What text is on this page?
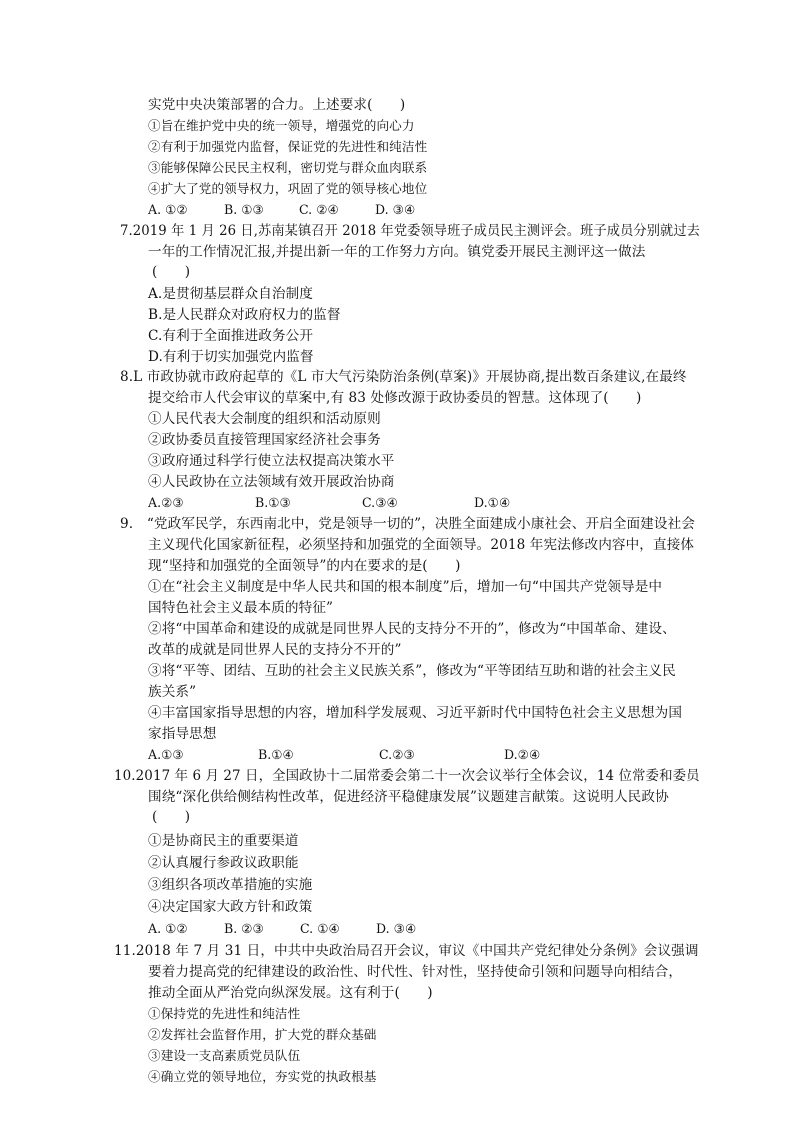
实党中央决策部署的合力。上述要求(　　)
①旨在维护党中央的统一领导，增强党的向心力
②有利于加强党内监督，保证党的先进性和纯洁性
③能够保障公民民主权利，密切党与群众血肉联系
④扩大了党的领导权力，巩固了党的领导核心地位
A. ①②	B. ①③	C. ②④	D. ③④
7.2019 年 1 月 26 日,苏南某镇召开 2018 年党委领导班子成员民主测评会。班子成员分别就过去
一年的工作情况汇报,并提出新一年的工作努力方向。镇党委开展民主测评这一做法
(　　)
A.是贯彻基层群众自治制度
B.是人民群众对政府权力的监督
C.有利于全面推进政务公开
D.有利于切实加强党内监督
8.L 市政协就市政府起草的《L 市大气污染防治条例(草案)》开展协商,提出数百条建议,在最终
提交给市人代会审议的草案中,有 83 处修改源于政协委员的智慧。这体现了(　　)
①人民代表大会制度的组织和活动原则
②政协委员直接管理国家经济社会事务
③政府通过科学行使立法权提高决策水平
④人民政协在立法领域有效开展政治协商
A.②③	B.①③	C.③④	D.①④
9.　“党政军民学，东西南北中，党是领导一切的”，决胜全面建成小康社会、开启全面建设社会
主义现代化国家新征程，必须坚持和加强党的全面领导。2018 年宪法修改内容中，直接体
现“坚持和加强党的全面领导”的内在要求的是(　　)
①在“社会主义制度是中华人民共和国的根本制度”后，增加一句“中国共产党领导是中
国特色社会主义最本质的特征”
②将“中国革命和建设的成就是同世界人民的支持分不开的”，修改为“中国革命、建设、
改革的成就是同世界人民的支持分不开的”
③将“平等、团结、互助的社会主义民族关系”，修改为“平等团结互助和谐的社会主义民
族关系”
④丰富国家指导思想的内容，增加科学发展观、习近平新时代中国特色社会主义思想为国
家指导思想
A.①③	B.①④	C.②③	D.②④
10.2017 年 6 月 27 日，全国政协十二届常委会第二十一次会议举行全体会议，14 位常委和委员
围绕“深化供给侧结构性改革，促进经济平稳健康发展”议题建言献策。这说明人民政协
(　　)
①是协商民主的重要渠道
②认真履行参政议政职能
③组织各项改革措施的实施
④决定国家大政方针和政策
A. ①②	B. ②③	C. ①④	D. ③④
11.2018 年 7 月 31 日，中共中央政治局召开会议，审议《中国共产党纪律处分条例》会议强调
要着力提高党的纪律建设的政治性、时代性、针对性，坚持使命引领和问题导向相结合，
推动全面从严治党向纵深发展。这有利于(　　)
①保持党的先进性和纯洁性
②发挥社会监督作用，扩大党的群众基础
③建设一支高素质党员队伍
④确立党的领导地位，夯实党的执政根基
